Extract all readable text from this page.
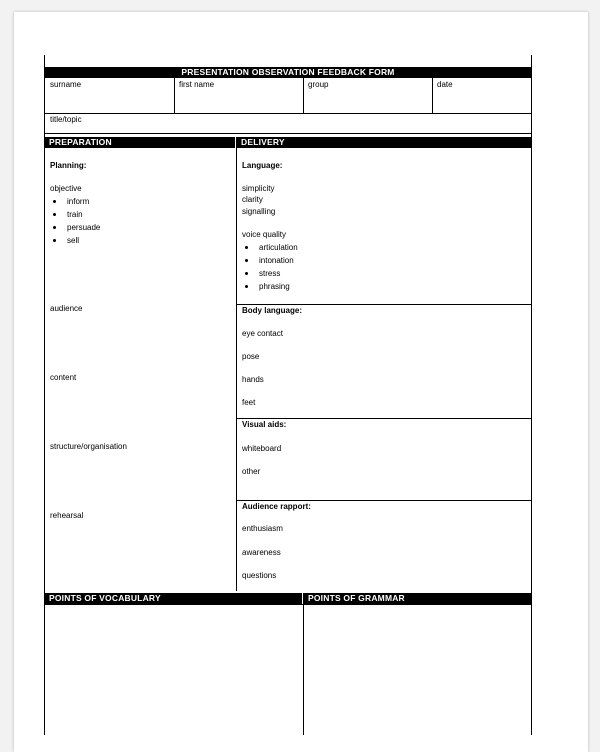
PRESENTATION OBSERVATION FEEDBACK FORM
surname	first name	group	date
title/topic
PREPARATION	DELIVERY
Planning:
objective
inform
train
persuade
sell
audience
content
structure/organisation
rehearsal
Language:
simplicity
clarity
signalling
voice quality
articulation
intonation
stress
phrasing
Body language:
eye contact
pose
hands
feet
Visual aids:
whiteboard
other
Audience rapport:
enthusiasm
awareness
questions
POINTS OF VOCABULARY	POINTS OF GRAMMAR
